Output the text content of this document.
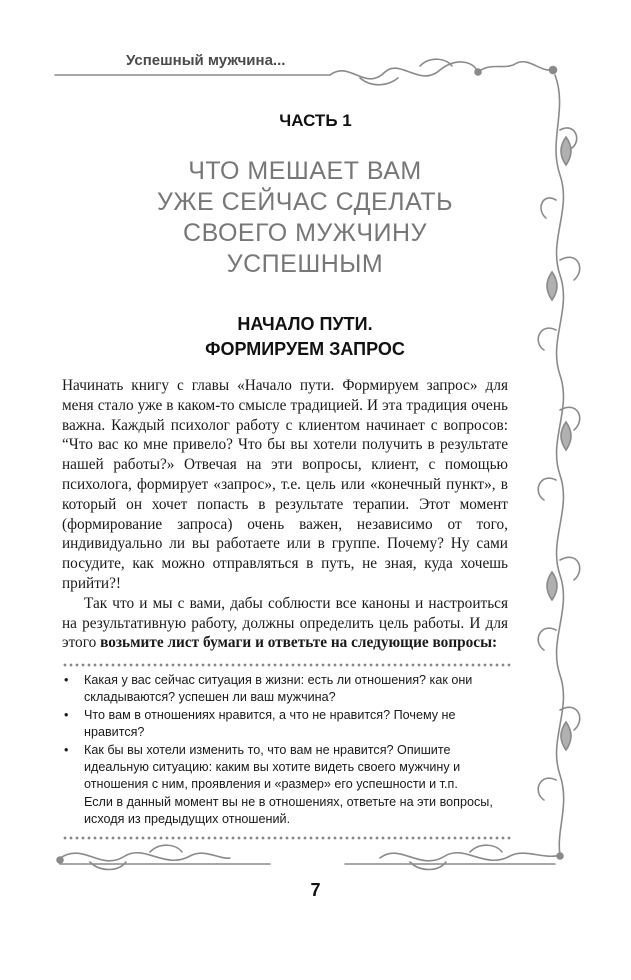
Успешный мужчина...
ЧАСТЬ 1
ЧТО МЕШАЕТ ВАМ
УЖЕ СЕЙЧАС СДЕЛАТЬ
СВОЕГО МУЖЧИНУ
УСПЕШНЫМ
НАЧАЛО ПУТИ.
ФОРМИРУЕМ ЗАПРОС

Начинать книгу с главы «Начало пути. Формируем запрос» для меня стало уже в каком-то смысле традицией. И эта традиция очень важна. Каждый психолог работу с клиентом начинает с вопросов: “Что вас ко мне привело? Что бы вы хотели получить в результате нашей работы?» Отвечая на эти вопросы, клиент, с помощью психолога, формирует «запрос», т.е. цель или «конечный пункт», в который он хочет попасть в результате терапии. Этот момент (формирование запроса) очень важен, независимо от того, индивидуально ли вы работаете или в группе. Почему? Ну сами посудите, как можно отправляться в путь, не зная, куда хочешь прийти?!

Так что и мы с вами, дабы соблюсти все каноны и настроиться на результативную работу, должны определить цель работы. И для этого возьмите лист бумаги и ответьте на следующие вопросы:

• Какая у вас сейчас ситуация в жизни: есть ли отношения? как они складываются? успешен ли ваш мужчина?
• Что вам в отношениях нравится, а что не нравится? Почему не нравится?
• Как бы вы хотели изменить то, что вам не нравится? Опишите идеальную ситуацию: каким вы хотите видеть своего мужчину и отношения с ним, проявления и «размер» его успешности и т.п.
Если в данный момент вы не в отношениях, ответьте на эти вопросы, исходя из предыдущих отношений.
7
